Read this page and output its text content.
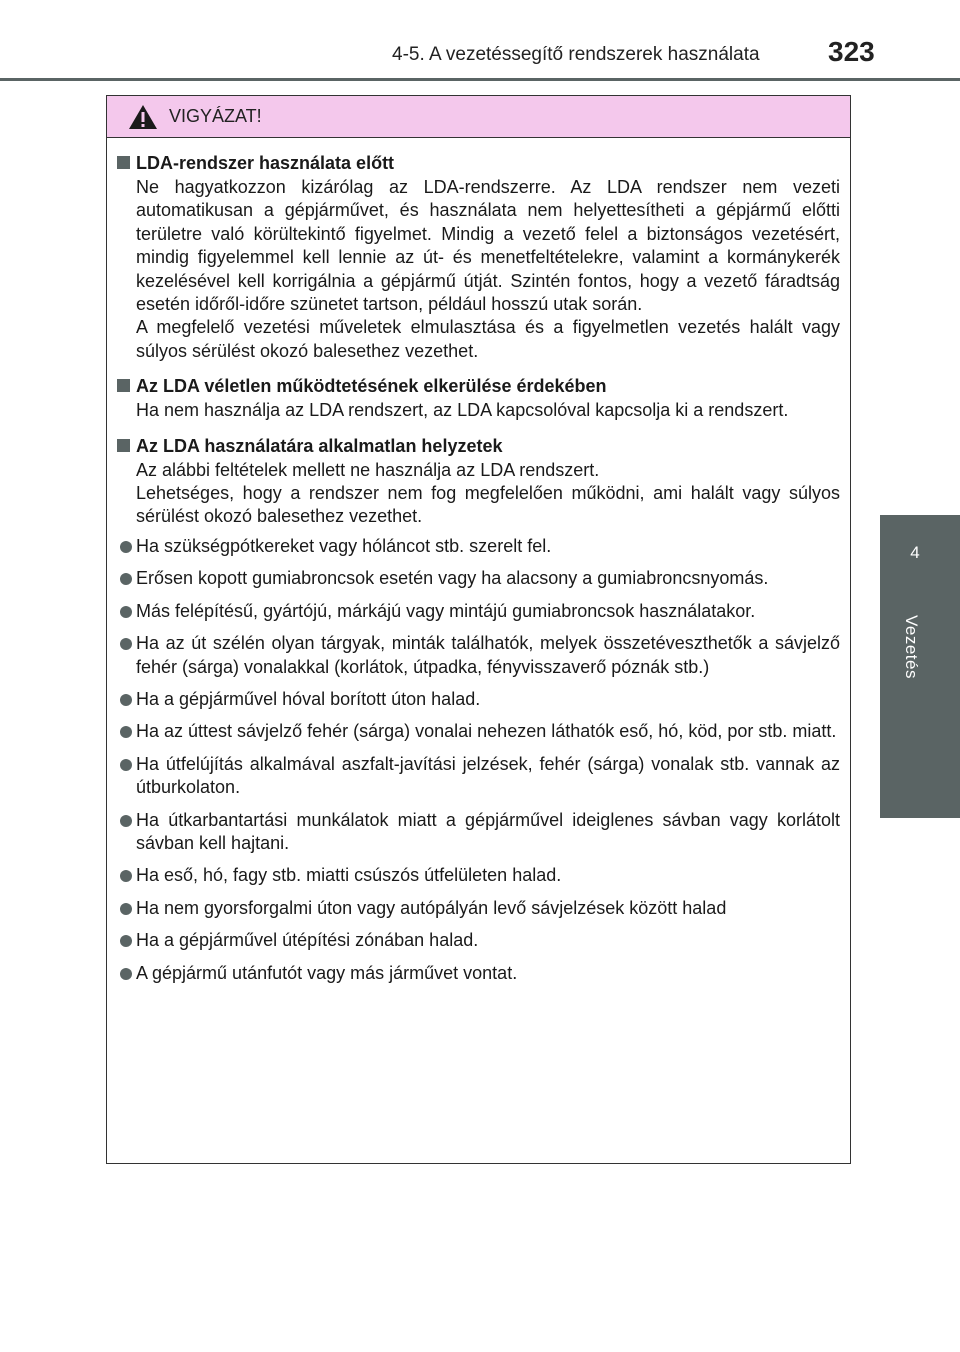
4-5. A vezetéssegítő rendszerek használata 323
4
Vezetés
VIGYÁZAT!
LDA-rendszer használata előtt
Ne hagyatkozzon kizárólag az LDA-rendszerre. Az LDA rendszer nem vezeti automatikusan a gépjárművet, és használata nem helyettesítheti a gépjármű előtti területre való körültekintő figyelmet. Mindig a vezető felel a biztonságos vezetésért, mindig figyelemmel kell lennie az út- és menetfeltételekre, valamint a kormánykerék kezelésével kell korrigálnia a gépjármű útját. Szintén fontos, hogy a vezető fáradtság esetén időről-időre szünetet tartson, például hosszú utak során.
A megfelelő vezetési műveletek elmulasztása és a figyelmetlen vezetés halált vagy súlyos sérülést okozó balesethez vezethet.
Az LDA véletlen működtetésének elkerülése érdekében
Ha nem használja az LDA rendszert, az LDA kapcsolóval kapcsolja ki a rendszert.
Az LDA használatára alkalmatlan helyzetek
Az alábbi feltételek mellett ne használja az LDA rendszert.
Lehetséges, hogy a rendszer nem fog megfelelően működni, ami halált vagy súlyos sérülést okozó balesethez vezethet.
Ha szükségpótkereket vagy hóláncot stb. szerelt fel.
Erősen kopott gumiabroncsok esetén vagy ha alacsony a gumiabroncsnyomás.
Más felépítésű, gyártójú, márkájú vagy mintájú gumiabroncsok használatakor.
Ha az út szélén olyan tárgyak, minták találhatók, melyek összetéveszthetők a sávjelző fehér (sárga) vonalakkal (korlátok, útpadka, fényvisszaverő póznák stb.)
Ha a gépjárművel hóval borított úton halad.
Ha az úttest sávjelző fehér (sárga) vonalai nehezen láthatók eső, hó, köd, por stb. miatt.
Ha útfelújítás alkalmával aszfalt-javítási jelzések, fehér (sárga) vonalak stb. vannak az útburkolaton.
Ha útkarbantartási munkálatok miatt a gépjárművel ideiglenes sávban vagy korlátolt sávban kell hajtani.
Ha eső, hó, fagy stb. miatti csúszós útfelületen halad.
Ha nem gyorsforgalmi úton vagy autópályán levő sávjelzések között halad
Ha a gépjárművel útépítési zónában halad.
A gépjármű utánfutót vagy más járművet vontat.
